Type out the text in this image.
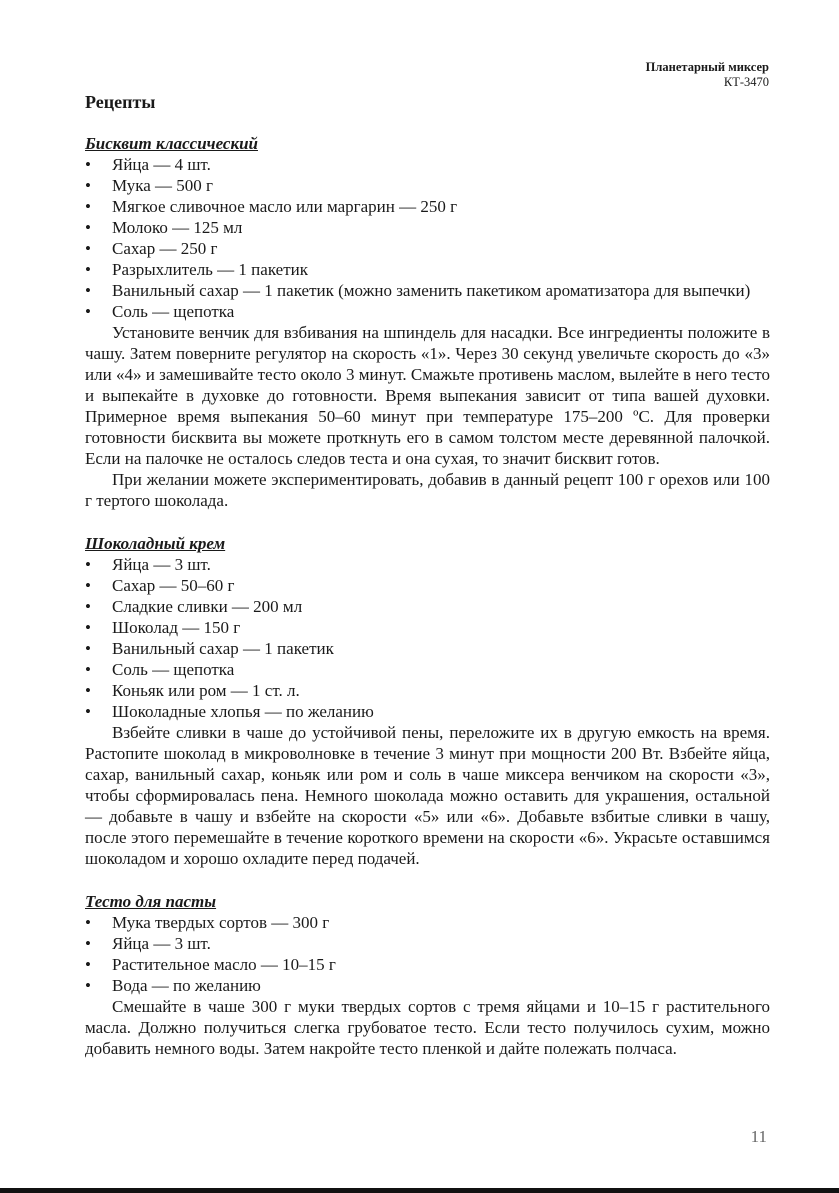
Планетарный миксер
КТ-3470
Рецепты
Бисквит классический
• Яйца — 4 шт.
• Мука — 500 г
• Мягкое сливочное масло или маргарин — 250 г
• Молоко — 125 мл
• Сахар — 250 г
• Разрыхлитель — 1 пакетик
• Ванильный сахар — 1 пакетик (можно заменить пакетиком ароматизатора для выпечки)
• Соль — щепотка

Установите венчик для взбивания на шпиндель для насадки. Все ингредиенты положите в чашу. Затем поверните регулятор на скорость «1». Через 30 секунд увеличьте скорость до «3» или «4» и замешивайте тесто около 3 минут. Смажьте противень маслом, вылейте в него тесто и выпекайте в духовке до готовности. Время выпекания зависит от типа вашей духовки. Примерное время выпекания 50–60 минут при температуре 175–200 ºС. Для проверки готовности бисквита вы можете проткнуть его в самом толстом месте деревянной палочкой. Если на палочке не осталось следов теста и она сухая, то значит бисквит готов.

При желании можете экспериментировать, добавив в данный рецепт 100 г орехов или 100 г тертого шоколада.

Шоколадный крем
• Яйца — 3 шт.
• Сахар — 50–60 г
• Сладкие сливки — 200 мл
• Шоколад — 150 г
• Ванильный сахар — 1 пакетик
• Соль — щепотка
• Коньяк или ром — 1 ст. л.
• Шоколадные хлопья — по желанию

Взбейте сливки в чаше до устойчивой пены, переложите их в другую емкость на время. Растопите шоколад в микроволновке в течение 3 минут при мощности 200 Вт. Взбейте яйца, сахар, ванильный сахар, коньяк или ром и соль в чаше миксера венчиком на скорости «3», чтобы сформировалась пена. Немного шоколада можно оставить для украшения, остальной — добавьте в чашу и взбейте на скорости «5» или «6». Добавьте взбитые сливки в чашу, после этого перемешайте в течение короткого времени на скорости «6». Украсьте оставшимся шоколадом и хорошо охладите перед подачей.

Тесто для пасты
• Мука твердых сортов — 300 г
• Яйца — 3 шт.
• Растительное масло — 10–15 г
• Вода — по желанию

Смешайте в чаше 300 г муки твердых сортов с тремя яйцами и 10–15 г растительного масла. Должно получиться слегка грубоватое тесто. Если тесто получилось сухим, можно добавить немного воды. Затем накройте тесто пленкой и дайте полежать полчаса.

11
